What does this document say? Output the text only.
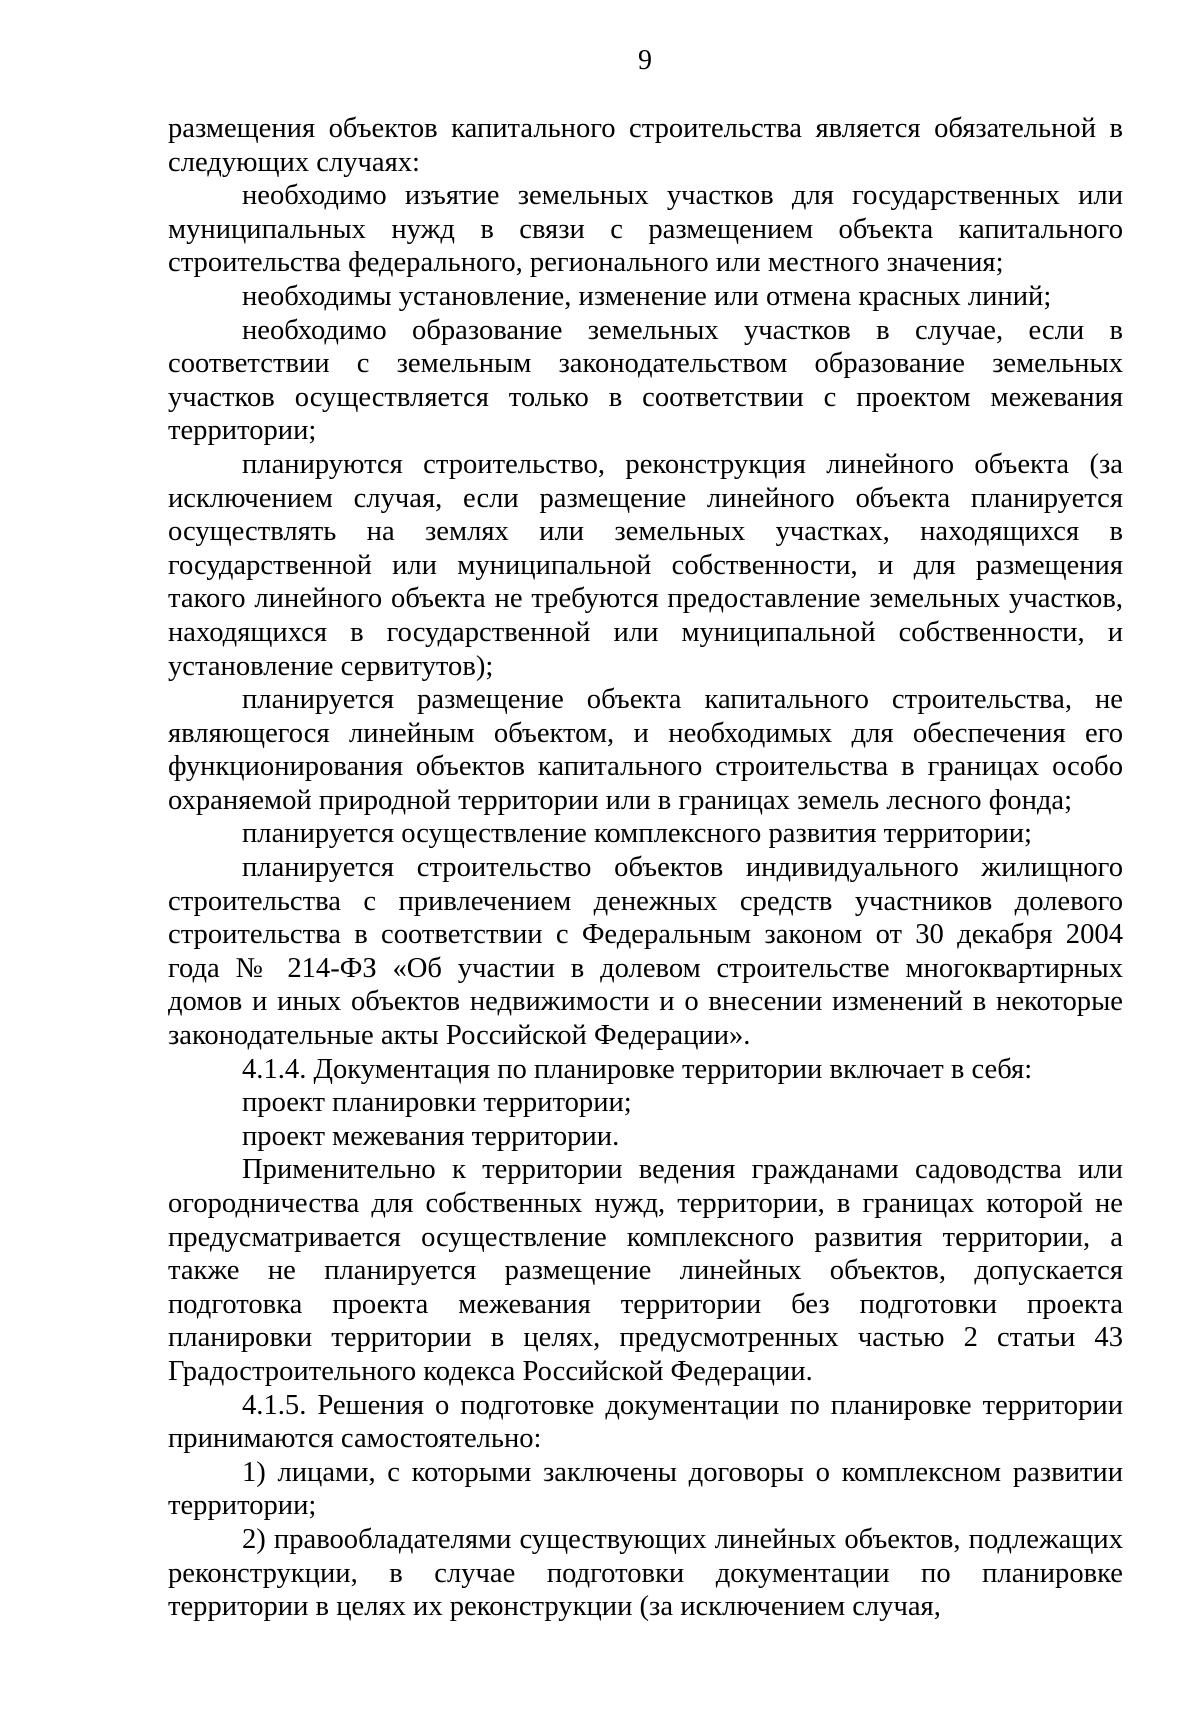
9

размещения объектов капитального строительства является обязательной в следующих случаях:

необходимо изъятие земельных участков для государственных или муниципальных нужд в связи с размещением объекта капитального строительства федерального, регионального или местного значения;

необходимы установление, изменение или отмена красных линий;

необходимо образование земельных участков в случае, если в соответствии с земельным законодательством образование земельных участков осуществляется только в соответствии с проектом межевания территории;

планируются строительство, реконструкция линейного объекта (за исключением случая, если размещение линейного объекта планируется осуществлять на землях или земельных участках, находящихся в государственной или муниципальной собственности, и для размещения такого линейного объекта не требуются предоставление земельных участков, находящихся в государственной или муниципальной собственности, и установление сервитутов);

планируется размещение объекта капитального строительства, не являющегося линейным объектом, и необходимых для обеспечения его функционирования объектов капитального строительства в границах особо охраняемой природной территории или в границах земель лесного фонда;

планируется осуществление комплексного развития территории;

планируется строительство объектов индивидуального жилищного строительства с привлечением денежных средств участников долевого строительства в соответствии с Федеральным законом от 30 декабря 2004 года № 214-ФЗ «Об участии в долевом строительстве многоквартирных домов и иных объектов недвижимости и о внесении изменений в некоторые законодательные акты Российской Федерации».

4.1.4. Документация по планировке территории включает в себя:

проект планировки территории;

проект межевания территории.

Применительно к территории ведения гражданами садоводства или огородничества для собственных нужд, территории, в границах которой не предусматривается осуществление комплексного развития территории, а также не планируется размещение линейных объектов, допускается подготовка проекта межевания территории без подготовки проекта планировки территории в целях, предусмотренных частью 2 статьи 43 Градостроительного кодекса Российской Федерации.

4.1.5. Решения о подготовке документации по планировке территории принимаются самостоятельно:

1) лицами, с которыми заключены договоры о комплексном развитии территории;

2) правообладателями существующих линейных объектов, подлежащих реконструкции, в случае подготовки документации по планировке территории в целях их реконструкции (за исключением случая,
